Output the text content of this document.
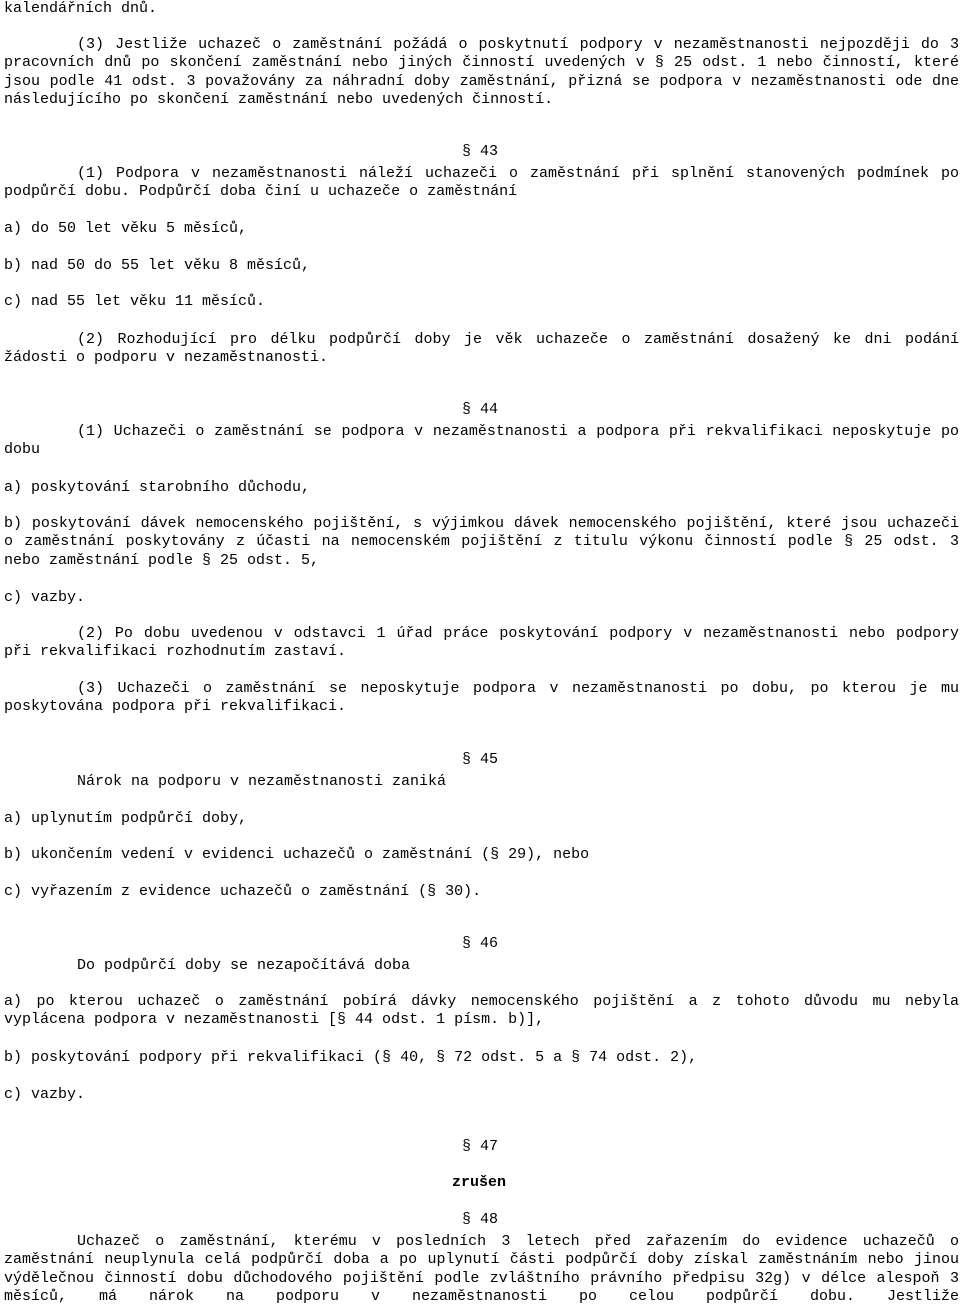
kalendářních dnů.

(3) Jestliže uchazeč o zaměstnání požádá o poskytnutí podpory v nezaměstnanosti nejpozději do 3 pracovních dnů po skončení zaměstnání nebo jiných činností uvedených v § 25 odst. 1 nebo činností, které jsou podle 41 odst. 3 považovány za náhradní doby zaměstnání, přizná se podpora v nezaměstnanosti ode dne následujícího po skončení zaměstnání nebo uvedených činností.

§ 43

(1) Podpora v nezaměstnanosti náleží uchazeči o zaměstnání při splnění stanovených podmínek po podpůrčí dobu. Podpůrčí doba činí u uchazeče o zaměstnání

a) do 50 let věku 5 měsíců,

b) nad 50 do 55 let věku 8 měsíců,

c) nad 55 let věku 11 měsíců.

(2) Rozhodující pro délku podpůrčí doby je věk uchazeče o zaměstnání dosažený ke dni podání žádosti o podporu v nezaměstnanosti.

§ 44

(1) Uchazeči o zaměstnání se podpora v nezaměstnanosti a podpora při rekvalifikaci neposkytuje po dobu

a) poskytování starobního důchodu,

b) poskytování dávek nemocenského pojištění, s výjimkou dávek nemocenského pojištění, které jsou uchazeči o zaměstnání poskytovány z účasti na nemocenském pojištění z titulu výkonu činností podle § 25 odst. 3 nebo zaměstnání podle § 25 odst. 5,

c) vazby.

(2) Po dobu uvedenou v odstavci 1 úřad práce poskytování podpory v nezaměstnanosti nebo podpory při rekvalifikaci rozhodnutím zastaví.

(3) Uchazeči o zaměstnání se neposkytuje podpora v nezaměstnanosti po dobu, po kterou je mu poskytována podpora při rekvalifikaci.

§ 45

Nárok na podporu v nezaměstnanosti zaniká

a) uplynutím podpůrčí doby,

b) ukončením vedení v evidenci uchazečů o zaměstnání (§ 29), nebo

c) vyřazením z evidence uchazečů o zaměstnání (§ 30).

§ 46

Do podpůrčí doby se nezapočítává doba

a) po kterou uchazeč o zaměstnání pobírá dávky nemocenského pojištění a z tohoto důvodu mu nebyla vyplácena podpora v nezaměstnanosti [§ 44 odst. 1 písm. b)],

b) poskytování podpory při rekvalifikaci (§ 40, § 72 odst. 5 a § 74 odst. 2),

c) vazby.

§ 47

zrušen

§ 48

Uchazeč o zaměstnání, kterému v posledních 3 letech před zařazením do evidence uchazečů o zaměstnání neuplynula celá podpůrčí doba a po uplynutí části podpůrčí doby získal zaměstnáním nebo jinou výdělečnou činností dobu důchodového pojištění podle zvláštního právního předpisu 32g) v délce alespoň 3 měsíců, má nárok na podporu v nezaměstnanosti po celou podpůrčí dobu. Jestliže
